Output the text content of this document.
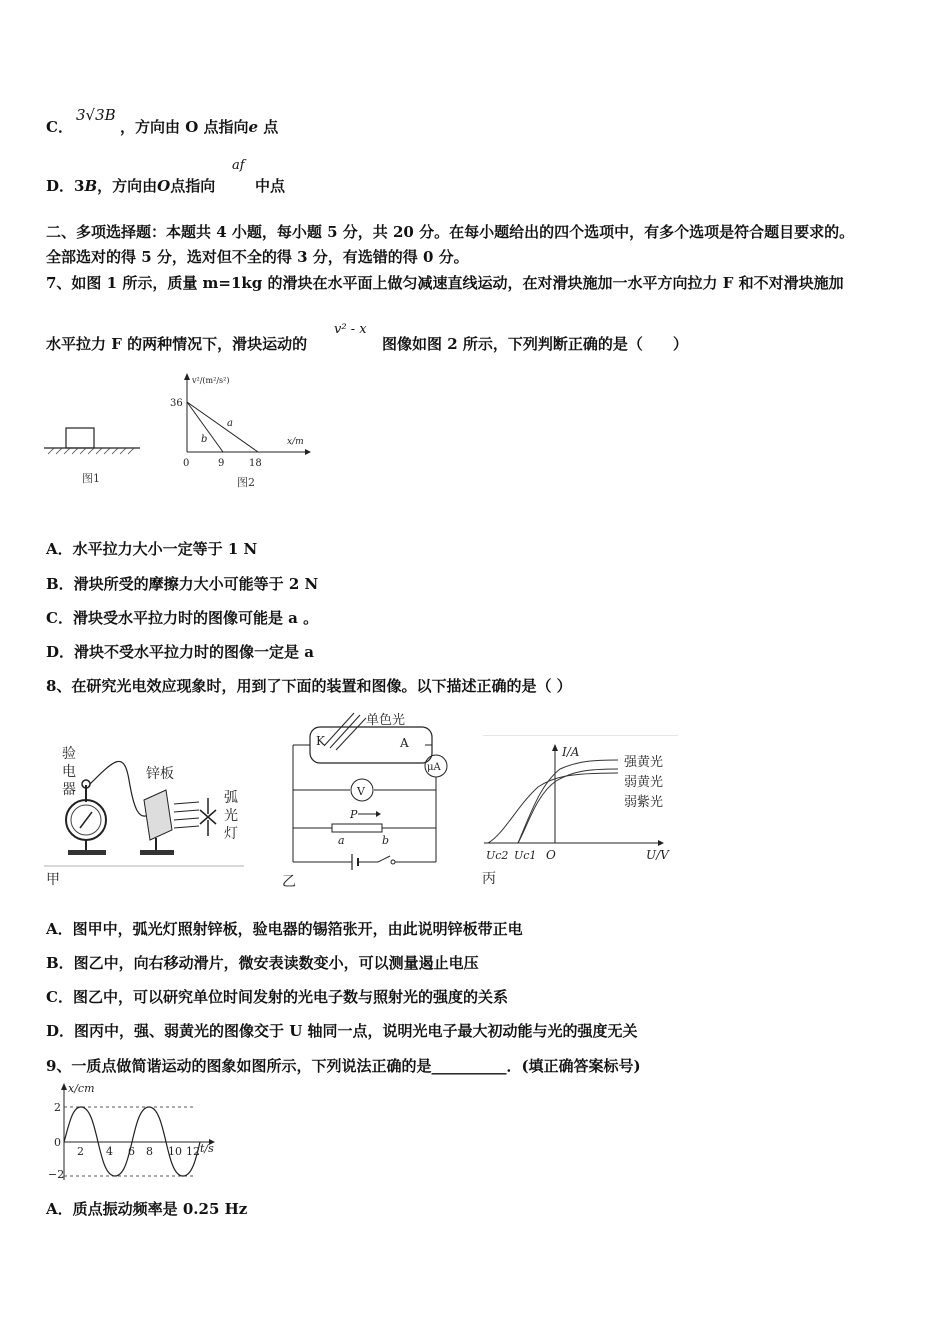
C．
3√3B
，方向由 O 点指向e 点
D．3B，方向由O点指向
af
中点
二、多项选择题：本题共 4 小题，每小题 5 分，共 20 分。在每小题给出的四个选项中，有多个选项是符合题目要求的。
全部选对的得 5 分，选对但不全的得 3 分，有选错的得 0 分。
7、如图 1 所示，质量 m=1kg 的滑块在水平面上做匀减速直线运动，在对滑块施加一水平方向拉力 F 和不对滑块施加
水平拉力 F 的两种情况下，滑块运动的
v² - x
图像如图 2 所示，下列判断正确的是（　　）
图1
v²/(m²/s²)
x/m
36
0	9 18
a
b
图2
A．水平拉力大小一定等于 1 N
B．滑块所受的摩擦力大小可能等于 2 N
C．滑块受水平拉力时的图像可能是 a 。
D．滑块不受水平拉力时的图像一定是 a
8、在研究光电效应现象时，用到了下面的装置和图像。以下描述正确的是（ ）
验
电
器
锌板
弧
光
灯
甲
单色光
K	A
μA
V
P
a	b
乙
I/A
U/V
强黄光
弱黄光
弱紫光
Uc2 Uc1 O
丙
A．图甲中，弧光灯照射锌板，验电器的锡箔张开，由此说明锌板带正电
B．图乙中，向右移动滑片，微安表读数变小，可以测量遏止电压
C．图乙中，可以研究单位时间发射的光电子数与照射光的强度的关系
D．图丙中，强、弱黄光的图像交于 U 轴同一点，说明光电子最大初动能与光的强度无关
9、一质点做简谐运动的图象如图所示，下列说法正确的是__________．(填正确答案标号)
x/cm
t/s
2
0
−2
2 4 6 8 10 12
A．质点振动频率是 0.25 Hz
